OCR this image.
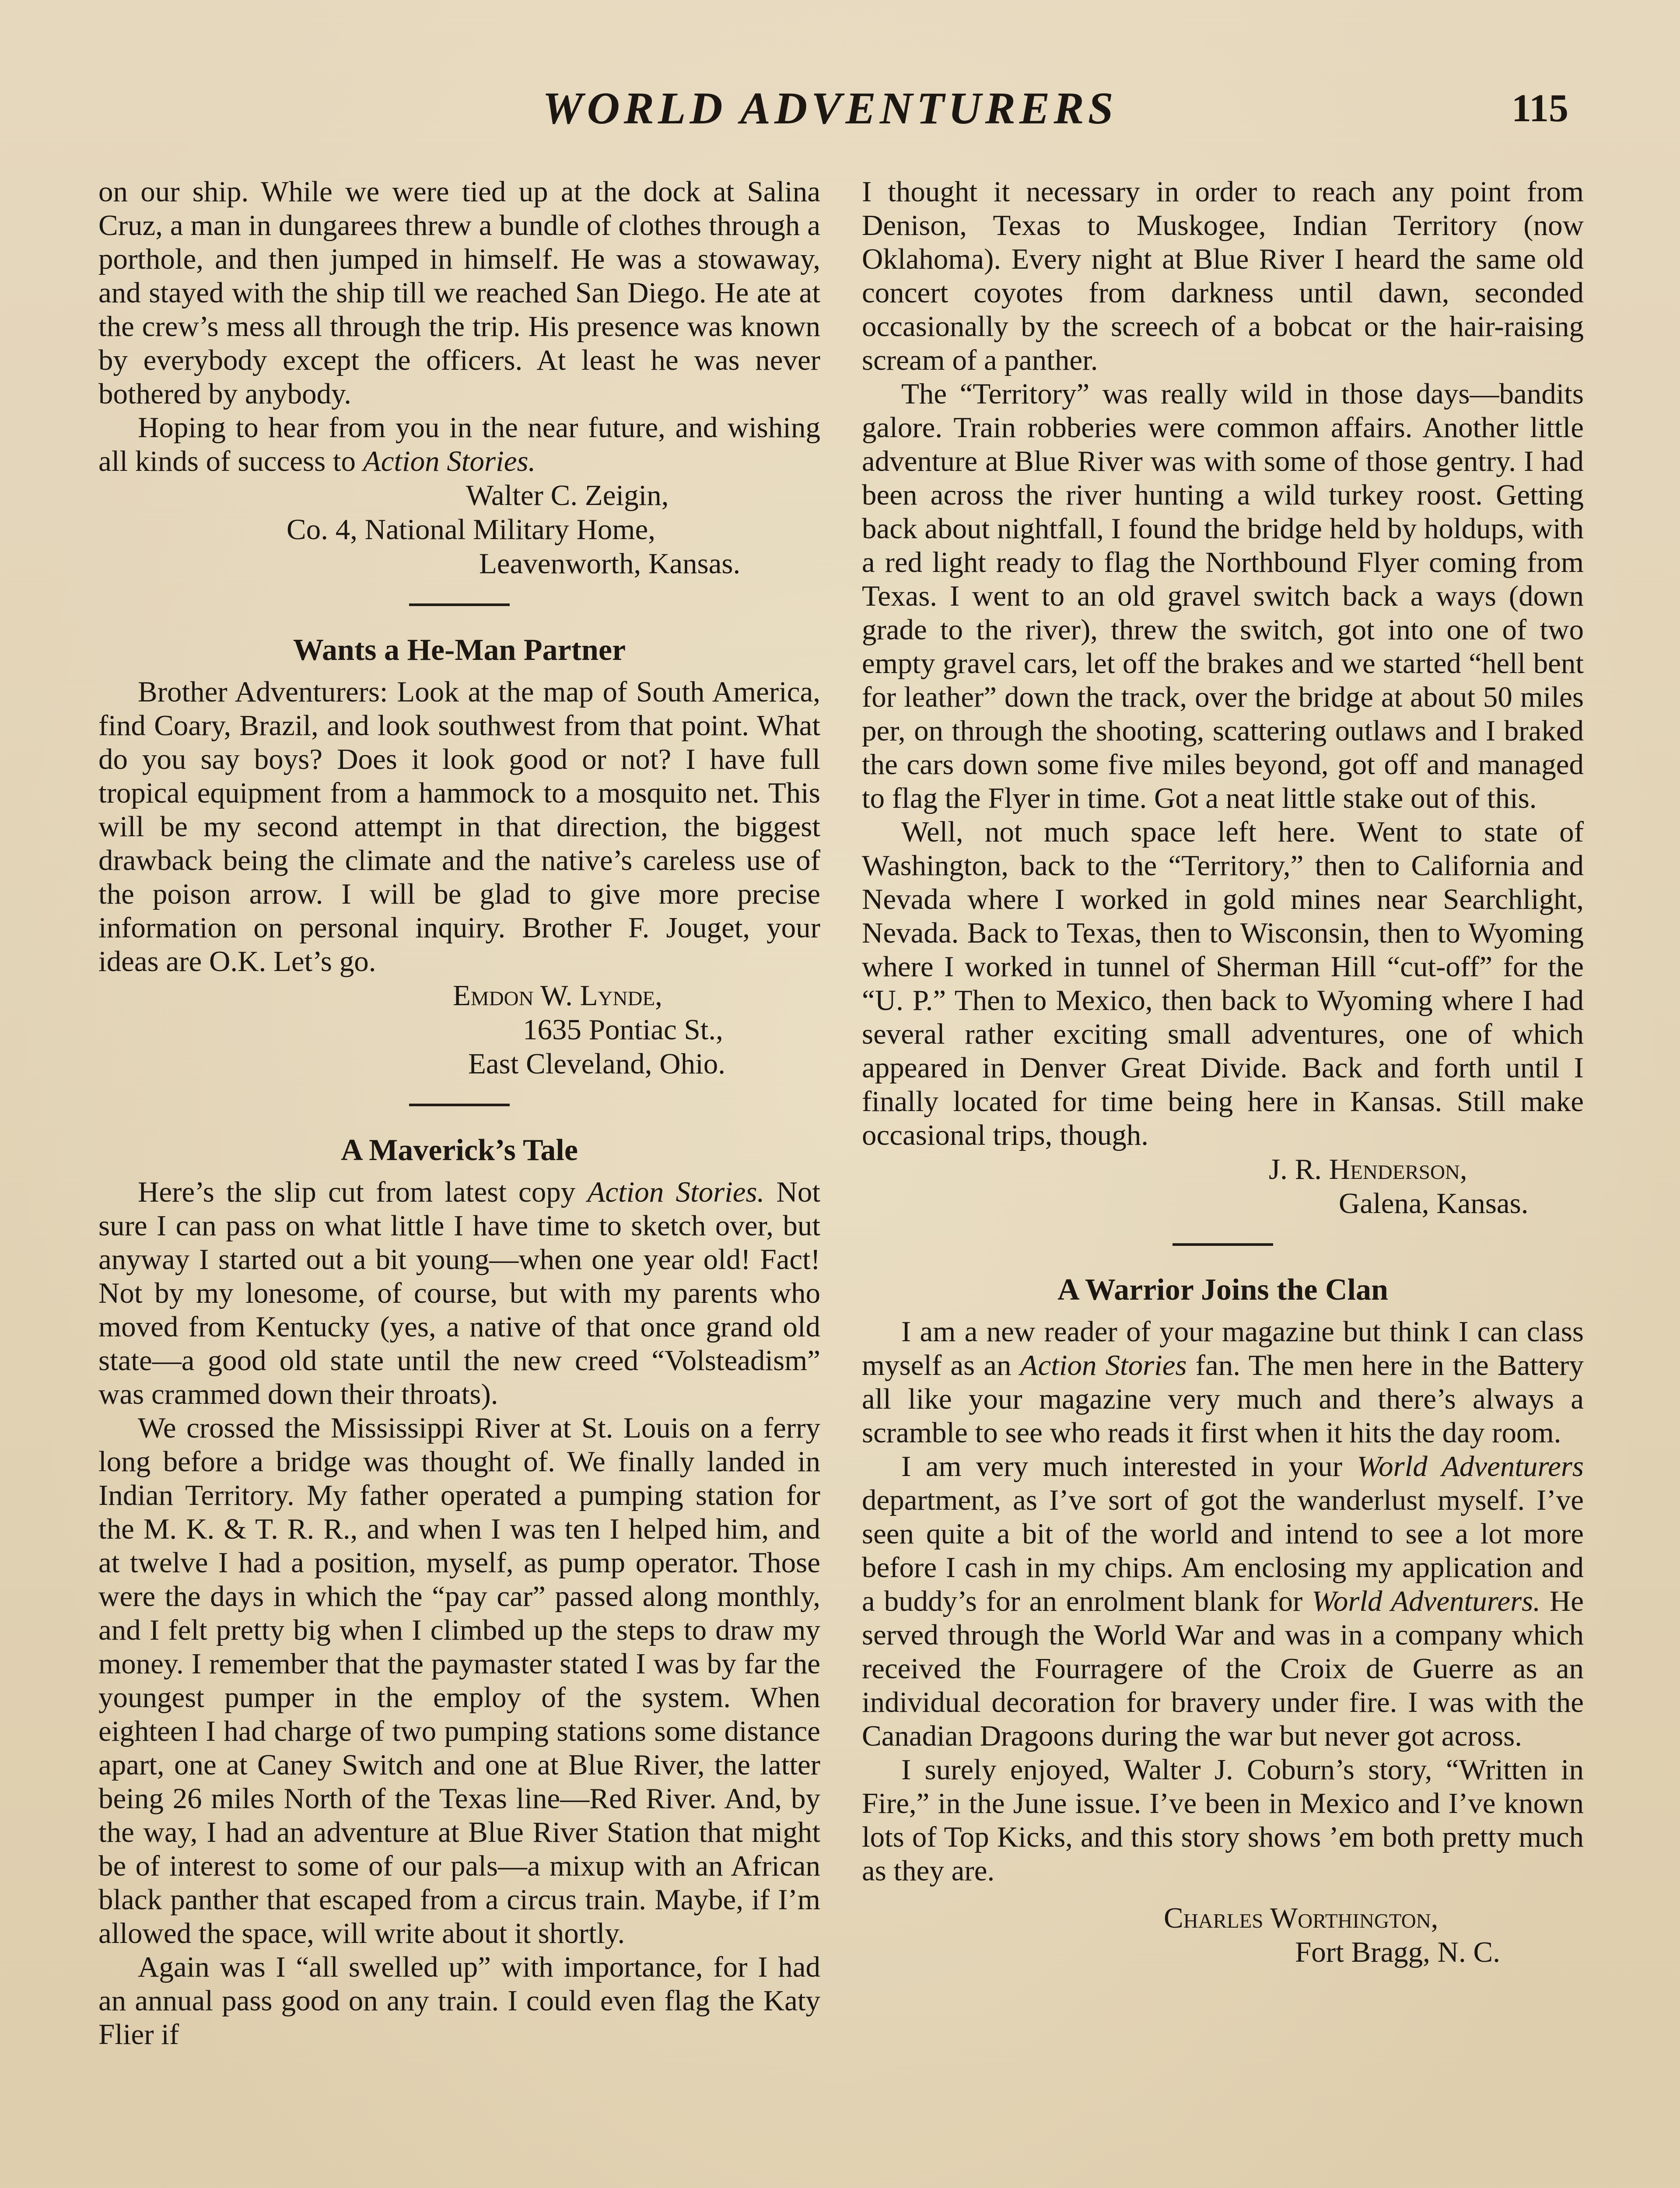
WORLD ADVENTURERS	115

on our ship. While we were tied up at the dock at Salina Cruz, a man in dungarees threw a bundle of clothes through a porthole, and then jumped in himself. He was a stowaway, and stayed with the ship till we reached San Diego. He ate at the crew’s mess all through the trip. His presence was known by everybody except the officers. At least he was never bothered by anybody.

Hoping to hear from you in the near future, and wishing all kinds of success to Action Stories.

Walter C. Zeigin,

Co. 4, National Military Home,

Leavenworth, Kansas.

Wants a He-Man Partner

Brother Adventurers: Look at the map of South America, find Coary, Brazil, and look southwest from that point. What do you say boys? Does it look good or not? I have full tropical equipment from a hammock to a mosquito net. This will be my second attempt in that direction, the biggest drawback being the climate and the native’s careless use of the poison arrow. I will be glad to give more precise information on personal inquiry. Brother F. Jouget, your ideas are O.K. Let’s go.

Emdon W. Lynde,

1635 Pontiac St.,

East Cleveland, Ohio.

A Maverick’s Tale

Here’s the slip cut from latest copy Action Stories. Not sure I can pass on what little I have time to sketch over, but anyway I started out a bit young—when one year old! Fact! Not by my lonesome, of course, but with my parents who moved from Kentucky (yes, a native of that once grand old state—a good old state until the new creed “Volsteadism” was crammed down their throats).

We crossed the Mississippi River at St. Louis on a ferry long before a bridge was thought of. We finally landed in Indian Territory. My father operated a pumping station for the M. K. & T. R. R., and when I was ten I helped him, and at twelve I had a position, myself, as pump operator. Those were the days in which the “pay car” passed along monthly, and I felt pretty big when I climbed up the steps to draw my money. I remember that the paymaster stated I was by far the youngest pumper in the employ of the system. When eighteen I had charge of two pumping stations some distance apart, one at Caney Switch and one at Blue River, the latter being 26 miles North of the Texas line—Red River. And, by the way, I had an adventure at Blue River Station that might be of interest to some of our pals—a mixup with an African black panther that escaped from a circus train. Maybe, if I’m allowed the space, will write about it shortly.

Again was I “all swelled up” with importance, for I had an annual pass good on any train. I could even flag the Katy Flier if

I thought it necessary in order to reach any point from Denison, Texas to Muskogee, Indian Territory (now Oklahoma). Every night at Blue River I heard the same old concert coyotes from darkness until dawn, seconded occasionally by the screech of a bobcat or the hair-raising scream of a panther.

The “Territory” was really wild in those days—bandits galore. Train robberies were common affairs. Another little adventure at Blue River was with some of those gentry. I had been across the river hunting a wild turkey roost. Getting back about nightfall, I found the bridge held by holdups, with a red light ready to flag the Northbound Flyer coming from Texas. I went to an old gravel switch back a ways (down grade to the river), threw the switch, got into one of two empty gravel cars, let off the brakes and we started “hell bent for leather” down the track, over the bridge at about 50 miles per, on through the shooting, scattering outlaws and I braked the cars down some five miles beyond, got off and managed to flag the Flyer in time. Got a neat little stake out of this.

Well, not much space left here. Went to state of Washington, back to the “Territory,” then to California and Nevada where I worked in gold mines near Searchlight, Nevada. Back to Texas, then to Wisconsin, then to Wyoming where I worked in tunnel of Sherman Hill “cut-off” for the “U. P.” Then to Mexico, then back to Wyoming where I had several rather exciting small adventures, one of which appeared in Denver Great Divide. Back and forth until I finally located for time being here in Kansas. Still make occasional trips, though.

J. R. Henderson,

Galena, Kansas.

A Warrior Joins the Clan

I am a new reader of your magazine but think I can class myself as an Action Stories fan. The men here in the Battery all like your magazine very much and there’s always a scramble to see who reads it first when it hits the day room.

I am very much interested in your World Adventurers department, as I’ve sort of got the wanderlust myself. I’ve seen quite a bit of the world and intend to see a lot more before I cash in my chips. Am enclosing my application and a buddy’s for an enrolment blank for World Adventurers. He served through the World War and was in a company which received the Fourragere of the Croix de Guerre as an individual decoration for bravery under fire. I was with the Canadian Dragoons during the war but never got across.

I surely enjoyed, Walter J. Coburn’s story, “Written in Fire,” in the June issue. I’ve been in Mexico and I’ve known lots of Top Kicks, and this story shows ’em both pretty much as they are.

Charles Worthington,

Fort Bragg, N. C.
